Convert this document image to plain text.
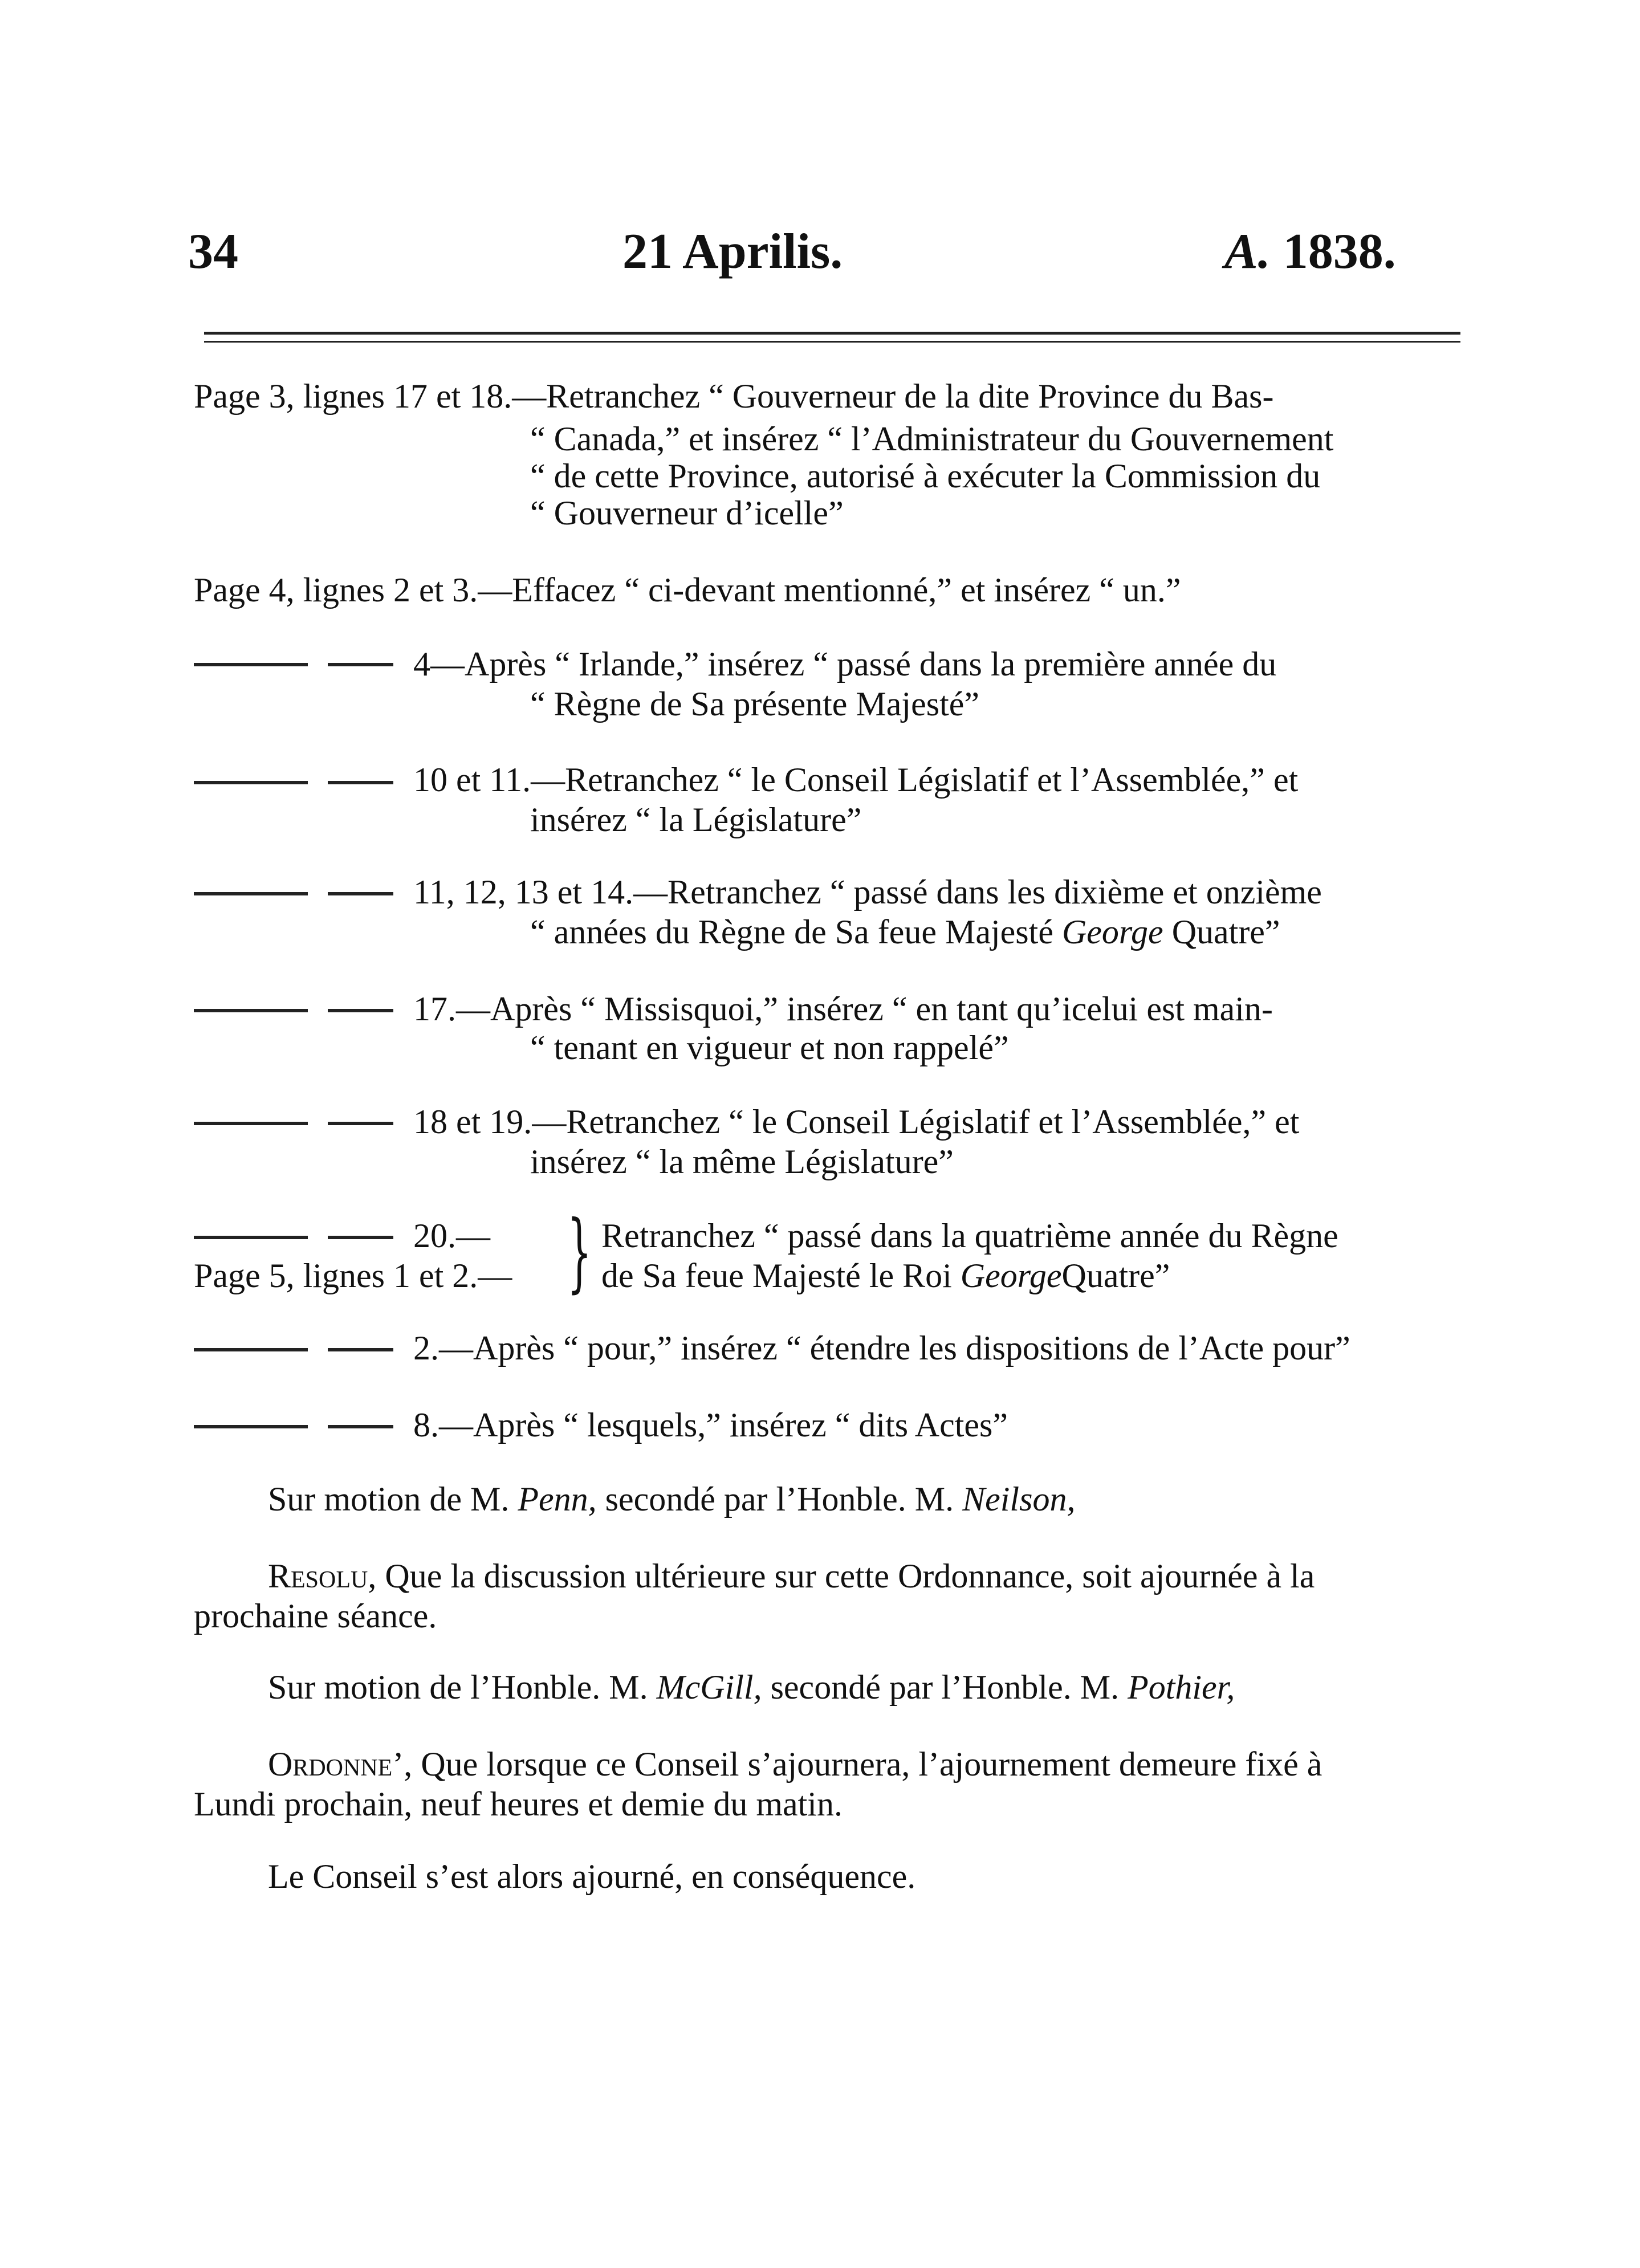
34	21 Aprilis.	A. 1838.
Page 3, lignes 17 et 18.—Retranchez “ Gouverneur de la dite Province du Bas-
“ Canada,” et insérez “ l’Administrateur du Gouvernement
“ de cette Province, autorisé à exécuter la Commission du
“ Gouverneur d’icelle”
Page 4, lignes 2 et 3.—Effacez “ ci-devant mentionné,” et insérez “ un.”
4—Après “ Irlande,” insérez “ passé dans la première année du
“ Règne de Sa présente Majesté”
10 et 11.—Retranchez “ le Conseil Législatif et l’Assemblée,” et
insérez “ la Législature”
11, 12, 13 et 14.—Retranchez “ passé dans les dixième et onzième
“ années du Règne de Sa feue Majesté George Quatre”
17.—Après “ Missisquoi,” insérez “ en tant qu’icelui est main-
“ tenant en vigueur et non rappelé”
18 et 19.—Retranchez “ le Conseil Législatif et l’Assemblée,” et
insérez “ la même Législature”
20.—
Page 5, lignes 1 et 2.— } Retranchez “ passé dans la quatrième année du Règne
de Sa feue Majesté le Roi GeorgeQuatre”
2.—Après “ pour,” insérez “ étendre les dispositions de l’Acte pour”
8.—Après “ lesquels,” insérez “ dits Actes”
Sur motion de M. Penn, secondé par l’Honble. M. Neilson,
Resolu, Que la discussion ultérieure sur cette Ordonnance, soit ajournée à la
prochaine séance.
Sur motion de l’Honble. M. McGill, secondé par l’Honble. M. Pothier,
Ordonne’, Que lorsque ce Conseil s’ajournera, l’ajournement demeure fixé à
Lundi prochain, neuf heures et demie du matin.
Le Conseil s’est alors ajourné, en conséquence.
